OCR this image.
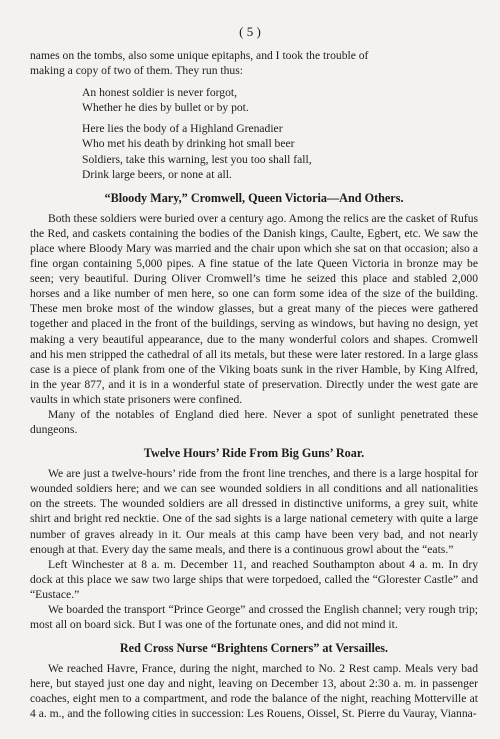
( 5 )

names on the tombs, also some unique epitaphs, and I took the trouble of

making a copy of two of them. They run thus:

An honest soldier is never forgot,
Whether he dies by bullet or by pot.
Here lies the body of a Highland Grenadier
Who met his death by drinking hot small beer
Soldiers, take this warning, lest you too shall fall,
Drink large beers, or none at all.
“Bloody Mary,” Cromwell, Queen Victoria—And Others.

Both these soldiers were buried over a century ago. Among the relics are the casket of Rufus the Red, and caskets containing the bodies of the Danish kings, Caulte, Egbert, etc. We saw the place where Bloody Mary was married and the chair upon which she sat on that occasion; also a fine organ containing 5,000 pipes. A fine statue of the late Queen Victoria in bronze may be seen; very beautiful. During Oliver Cromwell’s time he seized this place and stabled 2,000 horses and a like number of men here, so one can form some idea of the size of the building. These men broke most of the window glasses, but a great many of the pieces were gathered together and placed in the front of the buildings, serving as windows, but having no design, yet making a very beautiful appearance, due to the many wonderful colors and shapes. Cromwell and his men stripped the cathedral of all its metals, but these were later restored. In a large glass case is a piece of plank from one of the Viking boats sunk in the river Hamble, by King Alfred, in the year 877, and it is in a wonderful state of preservation. Directly under the west gate are vaults in which state prisoners were confined.

Many of the notables of England died here. Never a spot of sunlight penetrated these dungeons.

Twelve Hours’ Ride From Big Guns’ Roar.

We are just a twelve-hours’ ride from the front line trenches, and there is a large hospital for wounded soldiers here; and we can see wounded soldiers in all conditions and all nationalities on the streets. The wounded soldiers are all dressed in distinctive uniforms, a grey suit, white shirt and bright red necktie. One of the sad sights is a large national cemetery with quite a large number of graves already in it. Our meals at this camp have been very bad, and not nearly enough at that. Every day the same meals, and there is a continuous growl about the “eats.”

Left Winchester at 8 a. m. December 11, and reached Southampton about 4 a. m. In dry dock at this place we saw two large ships that were torpedoed, called the “Glorester Castle” and “Eustace.”

We boarded the transport “Prince George” and crossed the English channel; very rough trip; most all on board sick. But I was one of the fortunate ones, and did not mind it.

Red Cross Nurse “Brightens Corners” at Versailles.

We reached Havre, France, during the night, marched to No. 2 Rest camp. Meals very bad here, but stayed just one day and night, leaving on December 13, about 2:30 a. m. in passenger coaches, eight men to a compartment, and rode the balance of the night, reaching Motterville at 4 a. m., and the following cities in succession: Les Rouens, Oissel, St. Pierre du Vauray, Vianna-
